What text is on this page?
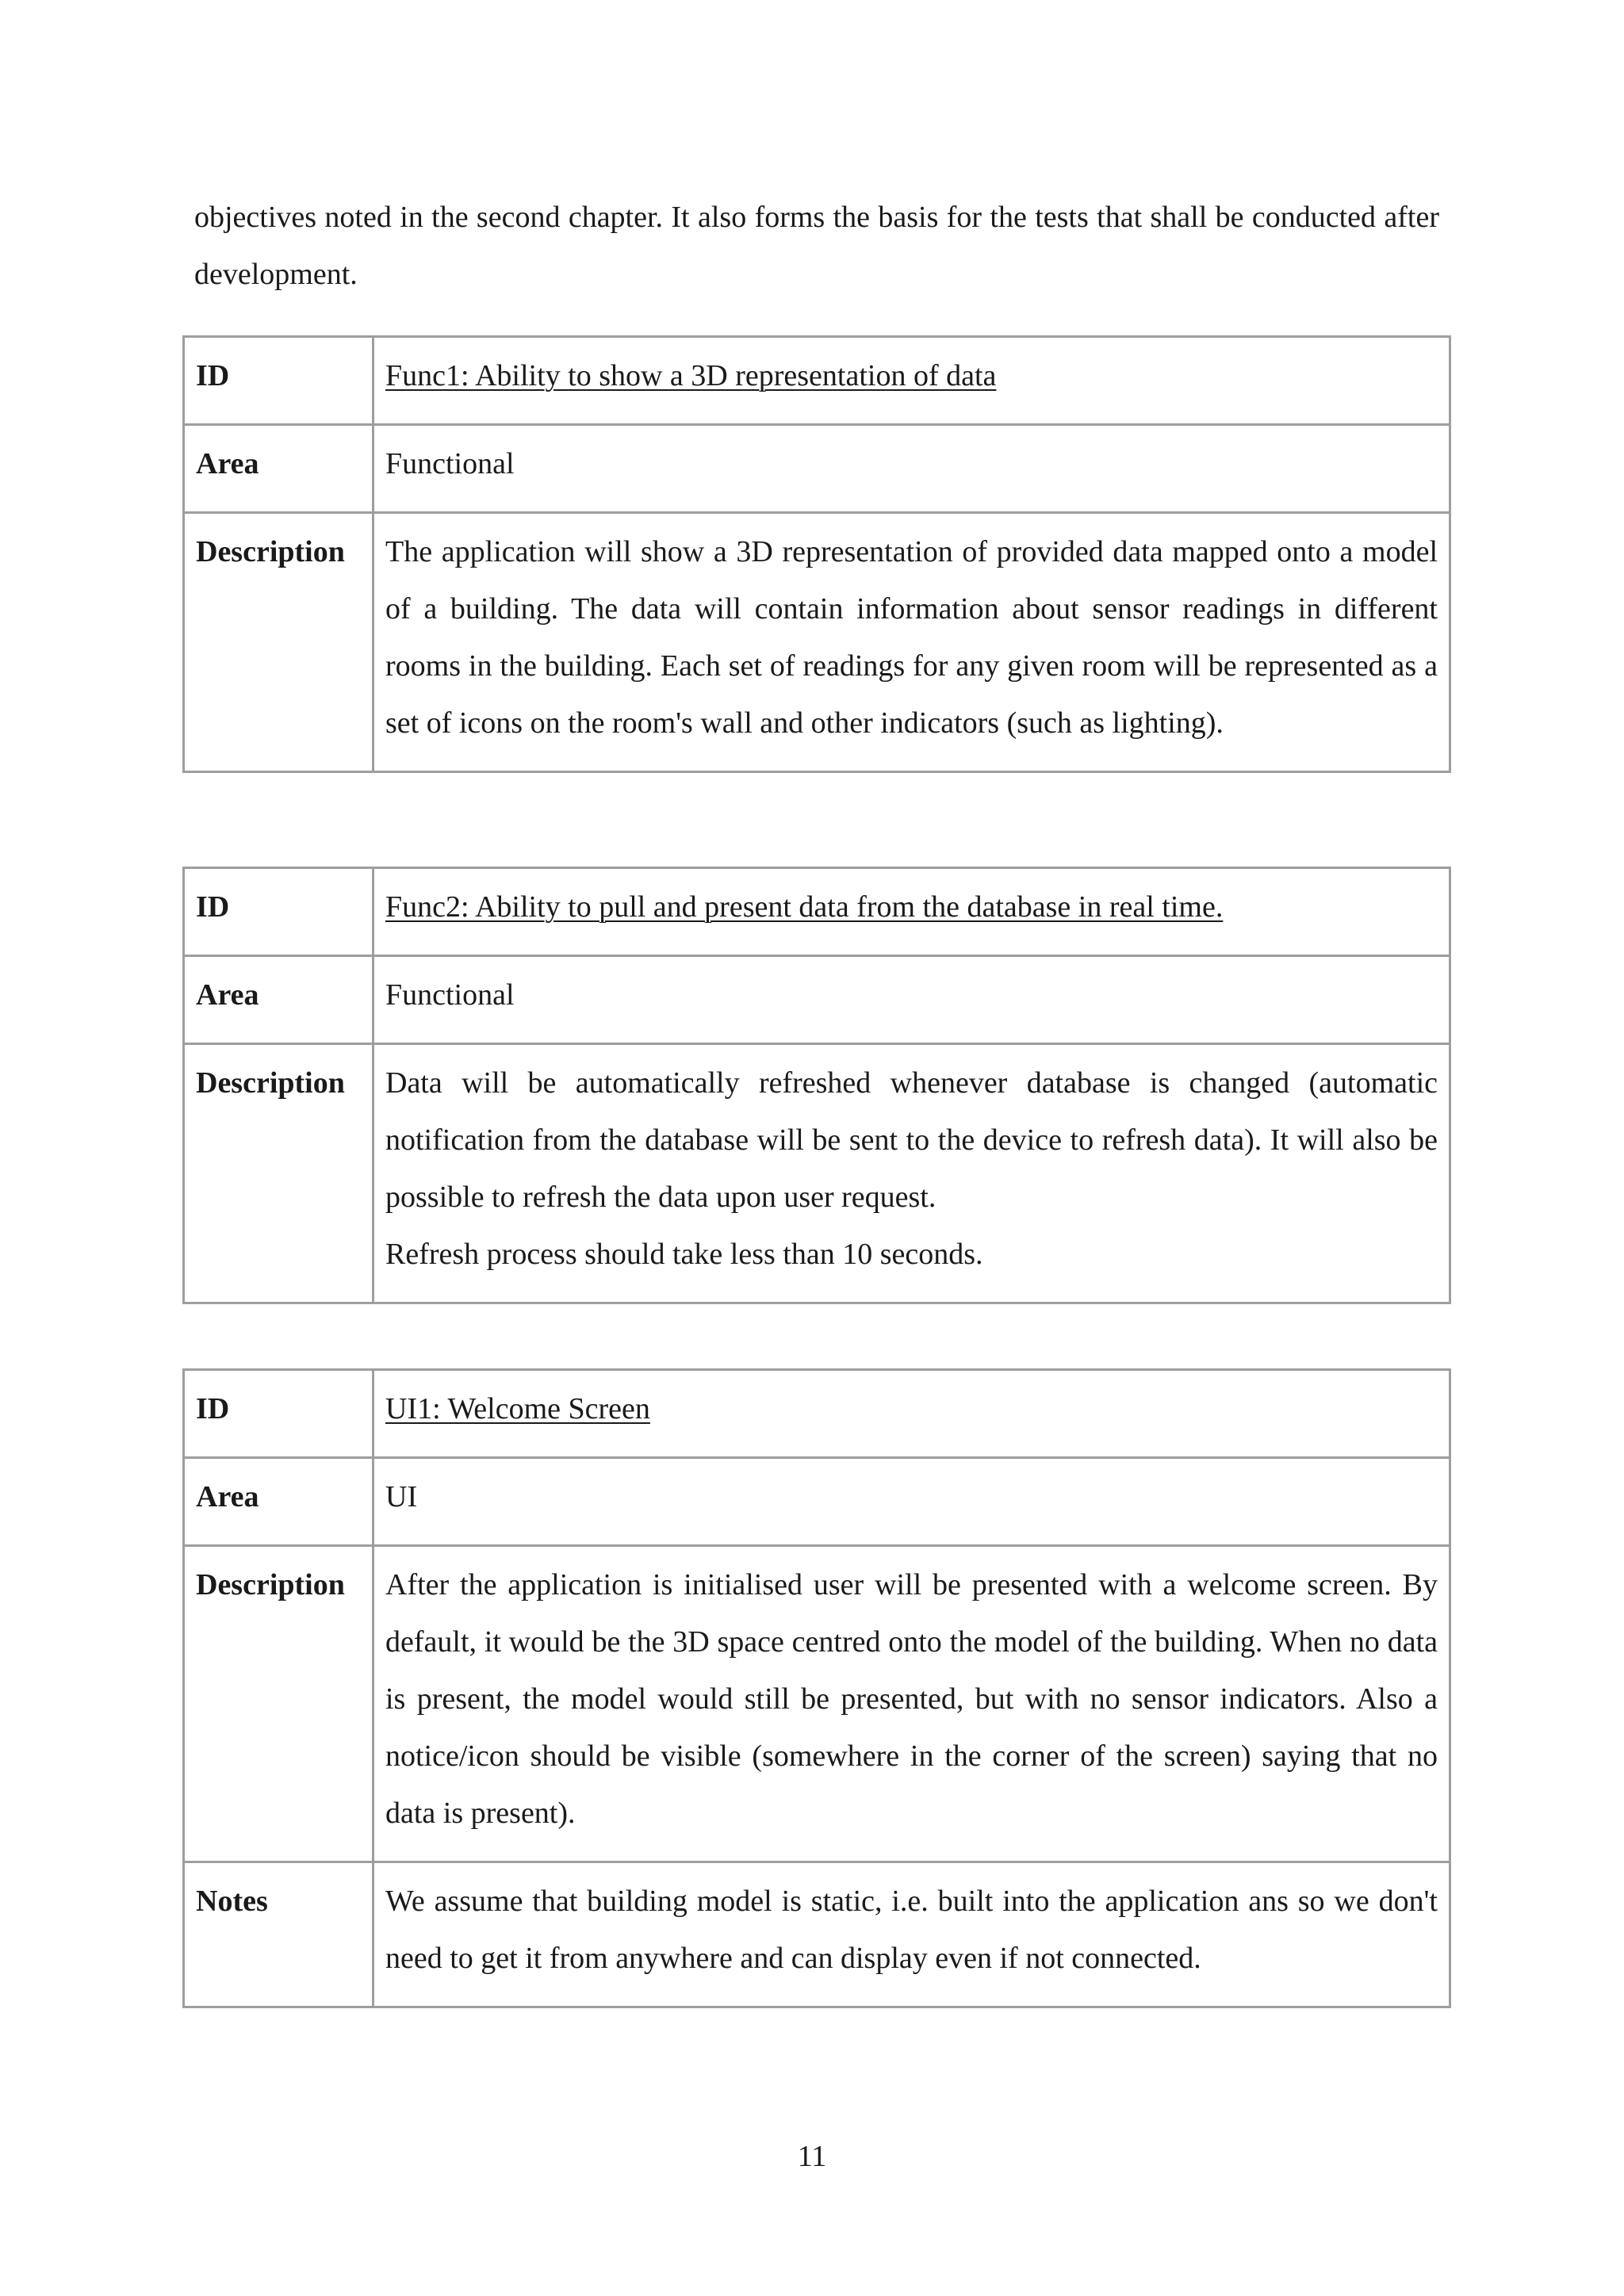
objectives noted in the second chapter. It also forms the basis for the tests that shall be conducted after development.
ID	Func1: Ability to show a 3D representation of data
Area	Functional
Description	The application will show a 3D representation of provided data mapped onto a model of a building. The data will contain information about sensor readings in different rooms in the building. Each set of readings for any given room will be represented as a set of icons on the room's wall and other indicators (such as lighting).
ID	Func2: Ability to pull and present data from the database in real time.
Area	Functional
Description	Data will be automatically refreshed whenever database is changed (automatic notification from the database will be sent to the device to refresh data). It will also be possible to refresh the data upon user request.
Refresh process should take less than 10 seconds.
ID	UI1: Welcome Screen
Area	UI
Description	After the application is initialised user will be presented with a welcome screen. By default, it would be the 3D space centred onto the model of the building. When no data is present, the model would still be presented, but with no sensor indicators. Also a notice/icon should be visible (somewhere in the corner of the screen) saying that no data is present).

Notes	We assume that building model is static, i.e. built into the application ans so we don't need to get it from anywhere and can display even if not connected.
11
